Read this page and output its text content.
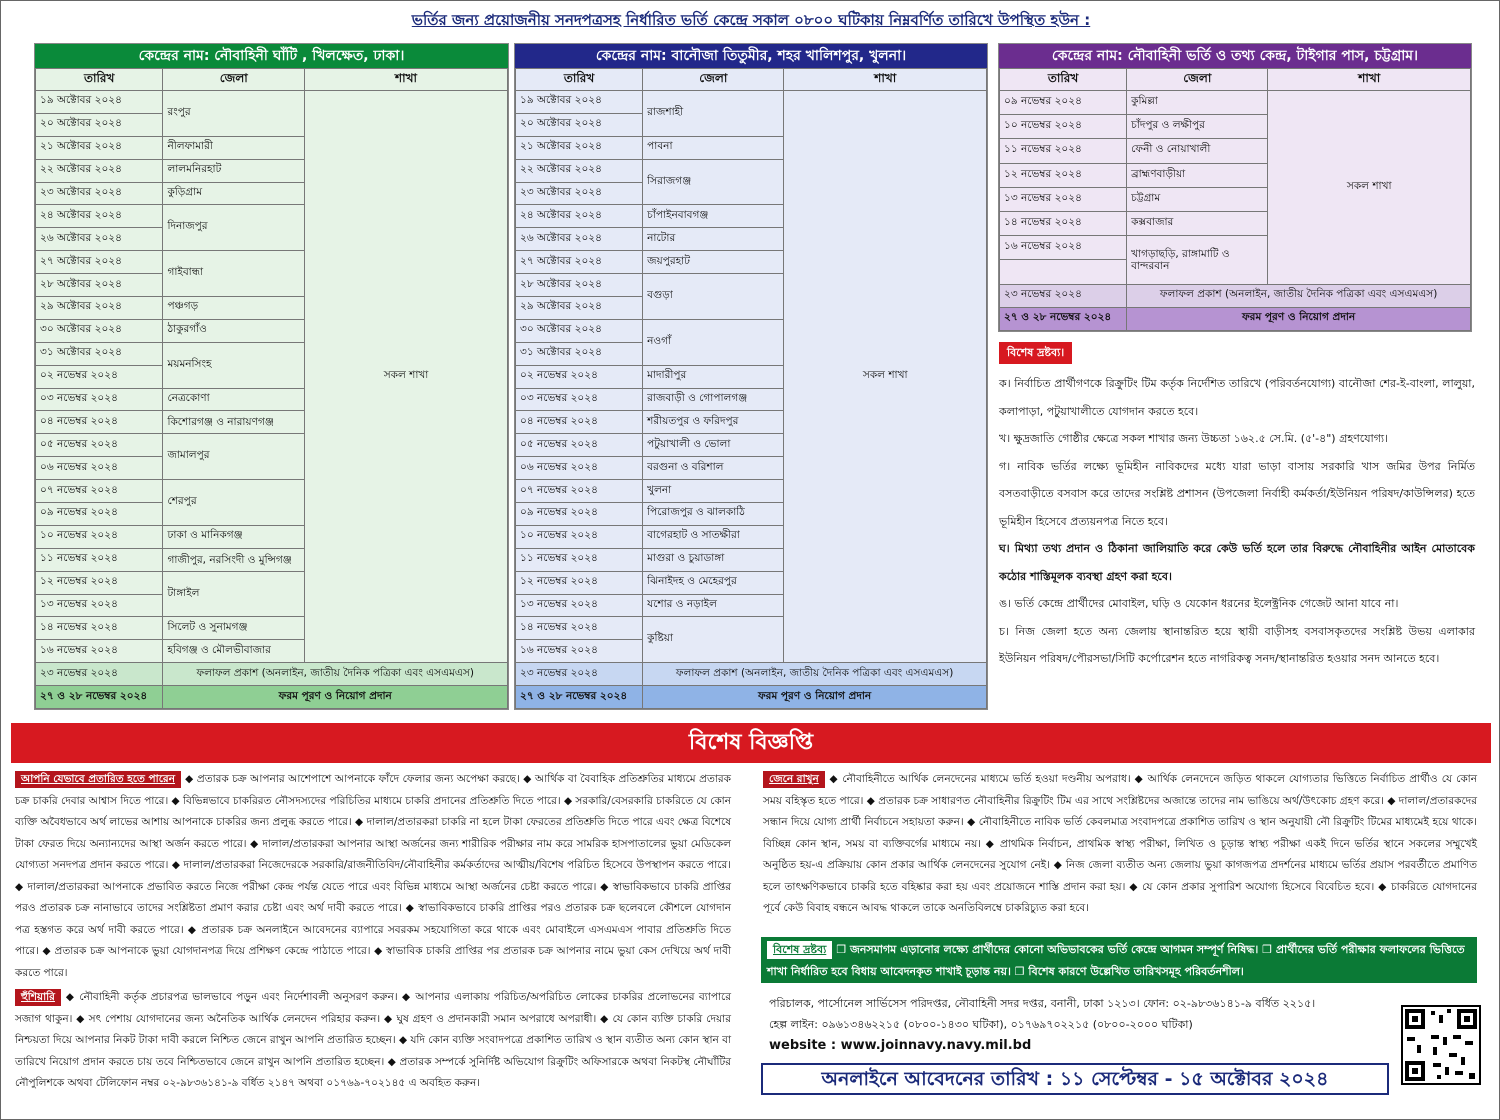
ভর্তির জন্য প্রয়োজনীয় সনদপত্রসহ নির্ধারিত ভর্তি কেন্দ্রে সকাল ০৮০০ ঘটিকায় নিম্নবর্ণিত তারিখে উপস্থিত হউন :
কেন্দ্রের নাম: নৌবাহিনী ঘাঁটি , খিলক্ষেত, ঢাকা।
তারিখ	জেলা	শাখা
১৯ অক্টোবর ২০২৪	রংপুর	সকল শাখা
২০ অক্টোবর ২০২৪		
২১ অক্টোবর ২০২৪	নীলফামারী	
২২ অক্টোবর ২০২৪	লালমনিরহাট	
২৩ অক্টোবর ২০২৪	কুড়িগ্রাম	
২৪ অক্টোবর ২০২৪	দিনাজপুর	
২৬ অক্টোবর ২০২৪		
২৭ অক্টোবর ২০২৪	গাইবান্ধা	
২৮ অক্টোবর ২০২৪		
২৯ অক্টোবর ২০২৪	পঞ্চগড়	
৩০ অক্টোবর ২০২৪	ঠাকুরগাঁও	
৩১ অক্টোবর ২০২৪	ময়মনসিংহ	
০২ নভেম্বর ২০২৪		
০৩ নভেম্বর ২০২৪	নেত্রকোণা	
০৪ নভেম্বর ২০২৪	কিশোরগঞ্জ ও নারায়ণগঞ্জ	
০৫ নভেম্বর ২০২৪	জামালপুর	
০৬ নভেম্বর ২০২৪		
০৭ নভেম্বর ২০২৪	শেরপুর	
০৯ নভেম্বর ২০২৪		
১০ নভেম্বর ২০২৪	ঢাকা ও মানিকগঞ্জ	
১১ নভেম্বর ২০২৪	গাজীপুর, নরসিংদী ও মুন্সিগঞ্জ	
১২ নভেম্বর ২০২৪	টাঙ্গাইল	
১৩ নভেম্বর ২০২৪		
১৪ নভেম্বর ২০২৪	সিলেট ও সুনামগঞ্জ	
১৬ নভেম্বর ২০২৪	হবিগঞ্জ ও মৌলভীবাজার	
২৩ নভেম্বর ২০২৪	ফলাফল প্রকাশ (অনলাইন, জাতীয় দৈনিক পত্রিকা এবং এসএমএস)	
২৭ ও ২৮ নভেম্বর ২০২৪	ফরম পূরণ ও নিয়োগ প্রদান	
কেন্দ্রের নাম: বানৌজা তিতুমীর, শহর খালিশপুর, খুলনা।
তারিখ	জেলা	শাখা
১৯ অক্টোবর ২০২৪	রাজশাহী	সকল শাখা
২০ অক্টোবর ২০২৪		
২১ অক্টোবর ২০২৪	পাবনা	
২২ অক্টোবর ২০২৪	সিরাজগঞ্জ	
২৩ অক্টোবর ২০২৪		
২৪ অক্টোবর ২০২৪	চাঁপাইনবাবগঞ্জ	
২৬ অক্টোবর ২০২৪	নাটোর	
২৭ অক্টোবর ২০২৪	জয়পুরহাট	
২৮ অক্টোবর ২০২৪	বগুড়া	
২৯ অক্টোবর ২০২৪		
৩০ অক্টোবর ২০২৪	নওগাঁ	
৩১ অক্টোবর ২০২৪		
০২ নভেম্বর ২০২৪	মাদারীপুর	
০৩ নভেম্বর ২০২৪	রাজবাড়ী ও গোপালগঞ্জ	
০৪ নভেম্বর ২০২৪	শরীয়তপুর ও ফরিদপুর	
০৫ নভেম্বর ২০২৪	পটুয়াখালী ও ভোলা	
০৬ নভেম্বর ২০২৪	বরগুনা ও বরিশাল	
০৭ নভেম্বর ২০২৪	খুলনা	
০৯ নভেম্বর ২০২৪	পিরোজপুর ও ঝালকাঠি	
১০ নভেম্বর ২০২৪	বাগেরহাট ও সাতক্ষীরা	
১১ নভেম্বর ২০২৪	মাগুরা ও চুয়াডাঙ্গা	
১২ নভেম্বর ২০২৪	ঝিনাইদহ ও মেহেরপুর	
১৩ নভেম্বর ২০২৪	যশোর ও নড়াইল	
১৪ নভেম্বর ২০২৪	কুষ্টিয়া	
১৬ নভেম্বর ২০২৪		
২৩ নভেম্বর ২০২৪	ফলাফল প্রকাশ (অনলাইন, জাতীয় দৈনিক পত্রিকা এবং এসএমএস)	
২৭ ও ২৮ নভেম্বর ২০২৪	ফরম পূরণ ও নিয়োগ প্রদান	
কেন্দ্রের নাম: নৌবাহিনী ভর্তি ও তথ্য কেন্দ্র, টাইগার পাস, চট্টগ্রাম।
তারিখ	জেলা	শাখা
০৯ নভেম্বর ২০২৪	কুমিল্লা	সকল শাখা
১০ নভেম্বর ২০২৪	চাঁদপুর ও লক্ষীপুর	
১১ নভেম্বর ২০২৪	ফেনী ও নোয়াখালী	
১২ নভেম্বর ২০২৪	ব্রাহ্মণবাড়ীয়া	
১৩ নভেম্বর ২০২৪	চট্টগ্রাম	
১৪ নভেম্বর ২০২৪	কক্সবাজার	
১৬ নভেম্বর ২০২৪	খাগড়াছড়ি, রাঙ্গামাটি ও বান্দরবান	

২৩ নভেম্বর ২০২৪	ফলাফল প্রকাশ (অনলাইন, জাতীয় দৈনিক পত্রিকা এবং এসএমএস)	
২৭ ও ২৮ নভেম্বর ২০২৪	ফরম পূরণ ও নিয়োগ প্রদান	
বিশেষ দ্রষ্টব্য।

ক। নির্বাচিত প্রার্থীগণকে রিক্রুটিং টিম কর্তৃক নির্দেশিত তারিখে (পরিবর্তনযোগ্য) বানৌজা শের-ই-বাংলা, লালুয়া, কলাপাড়া, পটুয়াখালীতে যোগদান করতে হবে।

খ। ক্ষুদ্রজাতি গোষ্ঠীর ক্ষেত্রে সকল শাখার জন্য উচ্চতা ১৬২.৫ সে.মি. (৫'-৪") গ্রহণযোগ্য।

গ। নাবিক ভর্তির লক্ষ্যে ভূমিহীন নাবিকদের মধ্যে যারা ভাড়া বাসায় সরকারি খাস জমির উপর নির্মিত বসতবাড়ীতে বসবাস করে তাদের সংশ্লিষ্ট প্রশাসন (উপজেলা নির্বাহী কর্মকর্তা/ইউনিয়ন পরিষদ/কাউন্সিলর) হতে ভূমিহীন হিসেবে প্রত্যয়নপত্র নিতে হবে।

ঘ। মিথ্যা তথ্য প্রদান ও ঠিকানা জালিয়াতি করে কেউ ভর্তি হলে তার বিরুদ্ধে নৌবাহিনীর আইন মোতাবেক কঠোর শাস্তিমূলক ব্যবস্থা গ্রহণ করা হবে।

ঙ। ভর্তি কেন্দ্রে প্রার্থীদের মোবাইল, ঘড়ি ও যেকোন ধরনের ইলেক্ট্রনিক গেজেট আনা যাবে না।

চ। নিজ জেলা হতে অন্য জেলায় স্থানান্তরিত হয়ে স্থায়ী বাড়ীসহ বসবাসকৃতদের সংশ্লিষ্ট উভয় এলাকার ইউনিয়ন পরিষদ/পৌরসভা/সিটি কর্পোরেশন হতে নাগরিকত্ব সনদ/স্থানান্তরিত হওয়ার সনদ আনতে হবে।

বিশেষ বিজ্ঞপ্তি
আপনি যেভাবে প্রতারিত হতে পারেন ◆ প্রতারক চক্র আপনার আশেপাশে আপনাকে ফাঁদে ফেলার জন্য অপেক্ষা করছে। ◆ আর্থিক বা বৈবাহিক প্রতিশ্রুতির মাধ্যমে প্রতারক চক্র চাকরি দেবার আশ্বাস দিতে পারে। ◆ বিভিন্নভাবে চাকরিরত নৌসদস্যদের পরিচিতির মাধ্যমে চাকরি প্রদানের প্রতিশ্রুতি দিতে পারে। ◆ সরকারি/বেসরকারি চাকরিতে যে কোন ব্যক্তি অবৈধভাবে অর্থ লাভের আশায় আপনাকে চাকরির জন্য প্রলুব্ধ করতে পারে। ◆ দালাল/প্রতারকরা চাকরি না হলে টাকা ফেরতের প্রতিশ্রুতি দিতে পারে এবং ক্ষেত্র বিশেষে টাকা ফেরত দিয়ে অন্যান্যদের আস্থা অর্জন করতে পারে। ◆ দালাল/প্রতারকরা আপনার আস্থা অর্জনের জন্য শারীরিক পরীক্ষার নাম করে সামরিক হাসপাতালের ভুয়া মেডিকেল যোগ্যতা সনদপত্র প্রদান করতে পারে। ◆ দালাল/প্রতারকরা নিজেদেরকে সরকারি/রাজনীতিবিদ/নৌবাহিনীর কর্মকর্তাদের আত্মীয়/বিশেষ পরিচিত হিসেবে উপস্থাপন করতে পারে। ◆ দালাল/প্রতারকরা আপনাকে প্রভাবিত করতে নিজে পরীক্ষা কেন্দ্র পর্যন্ত যেতে পারে এবং বিভিন্ন মাধ্যমে আস্থা অর্জনের চেষ্টা করতে পারে। ◆ স্বাভাবিকভাবে চাকরি প্রাপ্তির পরও প্রতারক চক্র নানাভাবে তাদের সংশ্লিষ্টতা প্রমাণ করার চেষ্টা এবং অর্থ দাবী করতে পারে। ◆ স্বাভাবিকভাবে চাকরি প্রাপ্তির পরও প্রতারক চক্র ছলেবলে কৌশলে যোগদান পত্র হস্তগত করে অর্থ দাবী করতে পারে। ◆ প্রতারক চক্র অনলাইনে আবেদনের ব্যাপারে সবরকম সহযোগিতা করে থাকে এবং মোবাইলে এসএমএস পাবার প্রতিশ্রুতি দিতে পারে। ◆ প্রতারক চক্র আপনাকে ভুয়া যোগদানপত্র দিয়ে প্রশিক্ষণ কেন্দ্রে পাঠাতে পারে। ◆ স্বাভাবিক চাকরি প্রাপ্তির পর প্রতারক চক্র আপনার নামে ভুয়া কেস দেখিয়ে অর্থ দাবী করতে পারে।
হুঁশিয়ারি ◆ নৌবাহিনী কর্তৃক প্রচারপত্র ভালভাবে পড়ুন এবং নির্দেশাবলী অনুসরণ করুন। ◆ আপনার এলাকায় পরিচিত/অপরিচিত লোকের চাকরির প্রলোভনের ব্যাপারে সজাগ থাকুন। ◆ সৎ পেশায় যোগদানের জন্য অনৈতিক আর্থিক লেনদেন পরিহার করুন। ◆ ঘুষ গ্রহণ ও প্রদানকারী সমান অপরাধে অপরাধী। ◆ যে কোন ব্যক্তি চাকরি দেয়ার নিশ্চয়তা দিয়ে আপনার নিকট টাকা দাবী করলে নিশ্চিত জেনে রাখুন আপনি প্রতারিত হচ্ছেন। ◆ যদি কোন ব্যক্তি সংবাদপত্রে প্রকাশিত তারিখ ও স্থান ব্যতীত অন্য কোন স্থান বা তারিখে নিয়োগ প্রদান করতে চায় তবে নিশ্চিতভাবে জেনে রাখুন আপনি প্রতারিত হচ্ছেন। ◆ প্রতারক সম্পর্কে সুনির্দিষ্ট অভিযোগ রিক্রুটিং অফিসারকে অথবা নিকটস্থ নৌঘাঁটির নৌপুলিশকে অথবা টেলিফোন নম্বর ০২-৯৮৩৬১৪১-৯ বর্ধিত ২১৪৭ অথবা ০১৭৬৯-৭০২১৪৫ এ অবহিত করুন।
জেনে রাখুন ◆ নৌবাহিনীতে আর্থিক লেনদেনের মাধ্যমে ভর্তি হওয়া দণ্ডনীয় অপরাধ। ◆ আর্থিক লেনদেনে জড়িত থাকলে যোগ্যতার ভিত্তিতে নির্বাচিত প্রার্থীও যে কোন সময় বহিস্কৃত হতে পারে। ◆ প্রতারক চক্র সাধারণত নৌবাহিনীর রিক্রুটিং টিম এর সাথে সংশ্লিষ্টদের অজান্তে তাদের নাম ভাঙিয়ে অর্থ/উৎকোচ গ্রহণ করে। ◆ দালাল/প্রতারকদের সন্ধান দিয়ে যোগ্য প্রার্থী নির্বাচনে সহায়তা করুন। ◆ নৌবাহিনীতে নাবিক ভর্তি কেবলমাত্র সংবাদপত্রে প্রকাশিত তারিখ ও স্থান অনুযায়ী নৌ রিক্রুটিং টিমের মাধ্যমেই হয়ে থাকে। বিচ্ছিন্ন কোন স্থান, সময় বা ব্যক্তিবর্গের মাধ্যমে নয়। ◆ প্রাথমিক নির্বাচন, প্রাথমিক স্বাস্থ্য পরীক্ষা, লিখিত ও চূড়ান্ত স্বাস্থ্য পরীক্ষা একই দিনে ভর্তির স্থানে সকলের সম্মুখেই অনুষ্ঠিত হয়-এ প্রক্রিয়ায় কোন প্রকার আর্থিক লেনদেনের সুযোগ নেই। ◆ নিজ জেলা ব্যতীত অন্য জেলায় ভুয়া কাগজপত্র প্রদর্শনের মাধ্যমে ভর্তির প্রয়াস পরবর্তীতে প্রমাণিত হলে তাৎক্ষণিকভাবে চাকরি হতে বহিষ্কার করা হয় এবং প্রয়োজনে শাস্তি প্রদান করা হয়। ◆ যে কোন প্রকার সুপারিশ অযোগ্য হিসেবে বিবেচিত হবে। ◆ চাকরিতে যোগদানের পূর্বে কেউ বিবাহ বন্ধনে আবদ্ধ থাকলে তাকে অনতিবিলম্বে চাকরিচ্যুত করা হবে।
বিশেষ দ্রষ্টব্য ❒ জনসমাগম এড়ানোর লক্ষ্যে প্রার্থীদের কোনো অভিভাবকের ভর্তি কেন্দ্রে আগমন সম্পূর্ণ নিষিদ্ধ। ❒ প্রার্থীদের ভর্তি পরীক্ষার ফলাফলের ভিত্তিতে শাখা নির্ধারিত হবে বিধায় আবেদনকৃত শাখাই চূড়ান্ত নয়। ❒ বিশেষ কারণে উল্লেখিত তারিখসমূহ পরিবর্তনশীল।
পরিচালক, পার্সোনেল সার্ভিসেস পরিদপ্তর, নৌবাহিনী সদর দপ্তর, বনানী, ঢাকা ১২১৩। ফোন: ০২-৯৮৩৬১৪১-৯ বর্ধিত ২২১৫।
হেল্প লাইন: ০৯৬১৩৪৬২২১৫ (০৮০০-১৪৩০ ঘটিকা), ০১৭৬৯৭০২২১৫ (০৮০০-২০০০ ঘটিকা)
website : www.joinnavy.navy.mil.bd
অনলাইনে আবেদনের তারিখ : ১১ সেপ্টেম্বর - ১৫ অক্টোবর ২০২৪
